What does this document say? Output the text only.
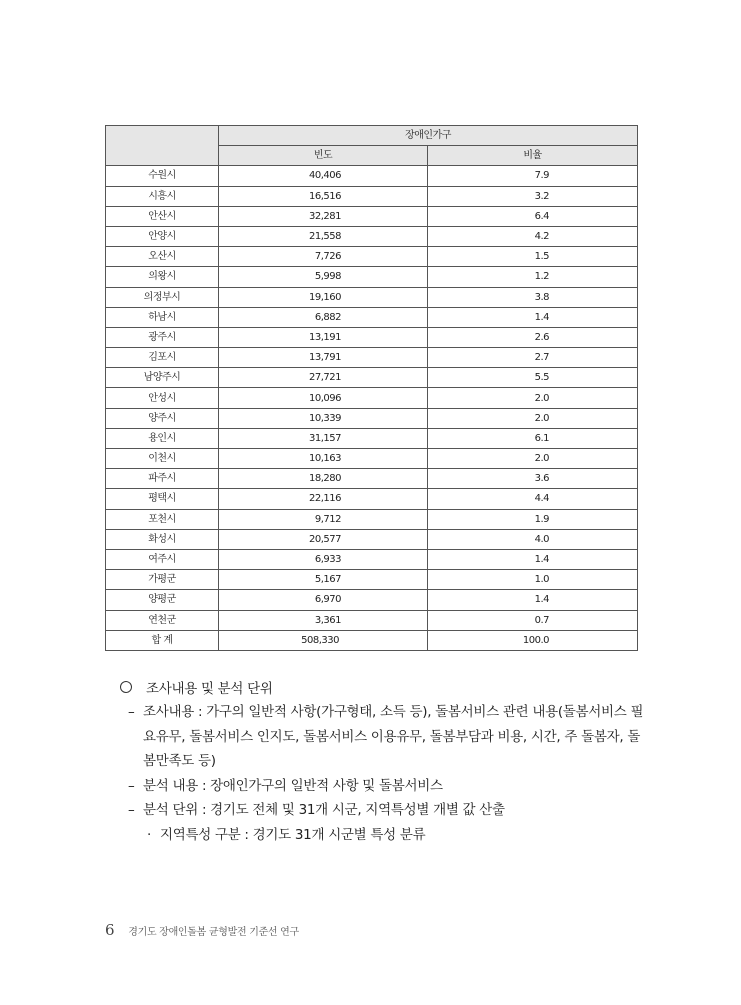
	장애인가구	
	빈도	비율
수원시	40,406	7.9
시흥시	16,516	3.2
안산시	32,281	6.4
안양시	21,558	4.2
오산시	7,726	1.5
의왕시	5,998	1.2
의정부시	19,160	3.8
하남시	6,882	1.4
광주시	13,191	2.6
김포시	13,791	2.7
남양주시	27,721	5.5
안성시	10,096	2.0
양주시	10,339	2.0
용인시	31,157	6.1
이천시	10,163	2.0
파주시	18,280	3.6
평택시	22,116	4.4
포천시	9,712	1.9
화성시	20,577	4.0
여주시	6,933	1.4
가평군	5,167	1.0
양평군	6,970	1.4
연천군	3,361	0.7
합 계	508,330	100.0
조사내용 및 분석 단위
– 조사내용 : 가구의 일반적 사항(가구형태, 소득 등), 돌봄서비스 관련 내용(돌봄서비스 필요유무, 돌봄서비스 인지도, 돌봄서비스 이용유무, 돌봄부담과 비용, 시간, 주 돌봄자, 돌봄만족도 등)
– 분석 내용 : 장애인가구의 일반적 사항 및 돌봄서비스
– 분석 단위 : 경기도 전체 및 31개 시군, 지역특성별 개별 값 산출
· 지역특성 구분 : 경기도 31개 시군별 특성 분류
6 경기도 장애인돌봄 균형발전 기준선 연구
